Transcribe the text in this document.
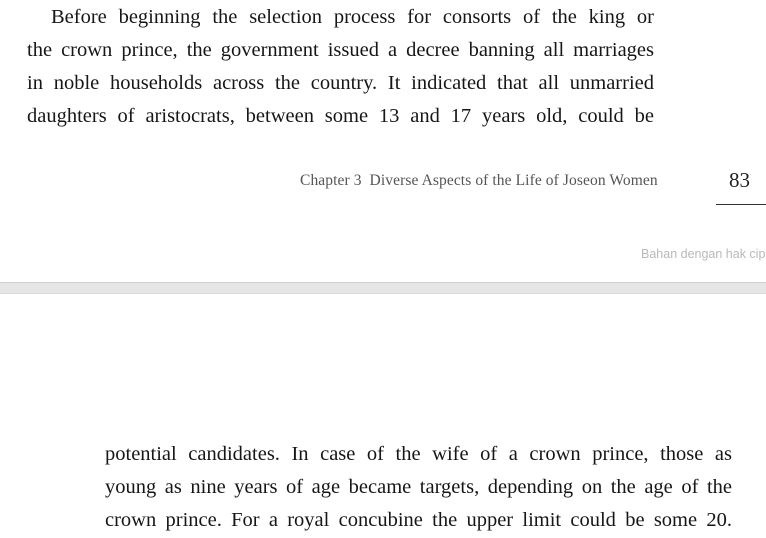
Before beginning the selection process for consorts of the king or
the crown prince, the government issued a decree banning all marriages
in noble households across the country. It indicated that all unmarried
daughters of aristocrats, between some 13 and 17 years old, could be
Chapter 3 Diverse Aspects of the Life of Joseon Women	83
Bahan dengan hak cip
potential candidates. In case of the wife of a crown prince, those as
young as nine years of age became targets, depending on the age of the
crown prince. For a royal concubine the upper limit could be some 20.
